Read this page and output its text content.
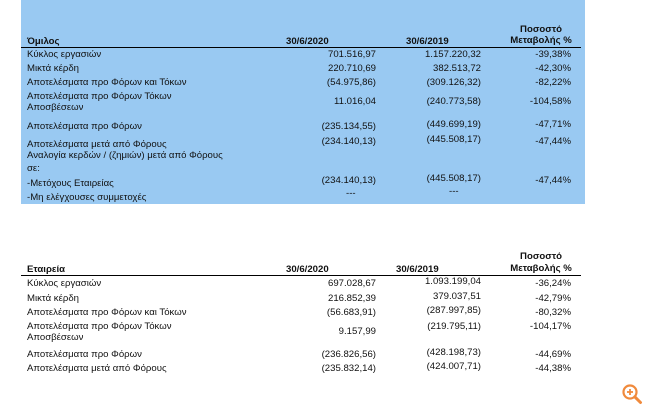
Ποσοστό
Μεταβολής %
Όμιλος	30/6/2020	30/6/2019
Κύκλος εργασιών	701.516,97	1.157.220,32	-39,38%
Μικτά κέρδη	220.710,69	382.513,72	-42,30%
Αποτελέσματα προ Φόρων και Τόκων	(54.975,86)	(309.126,32)	-82,22%
Αποτελέσματα προ Φόρων Τόκων
Αποσβέσεων
11.016,04	(240.773,58)	-104,58%
Αποτελέσματα προ Φόρων	(235.134,55)	(449.699,19)	-47,71%
Αποτελέσματα μετά από Φόρους	(234.140,13)	(445.508,17)	-47,44%
Αναλογία κερδών / (ζημιών) μετά από Φόρους
σε:
-Μετόχους Εταιρείας	(234.140,13)	(445.508,17)	-47,44%
-Μη ελέγχουσες συμμετοχές	---	---
Ποσοστό
Μεταβολής %
Εταιρεία	30/6/2020	30/6/2019
Κύκλος εργασιών	697.028,67	1.093.199,04	-36,24%
Μικτά κέρδη	216.852,39	379.037,51	-42,79%
Αποτελέσματα προ Φόρων και Τόκων	(56.683,91)	(287.997,85)	-80,32%
Αποτελέσματα προ Φόρων Τόκων
Αποσβέσεων
9.157,99	(219.795,11)	-104,17%
Αποτελέσματα προ Φόρων	(236.826,56)	(428.198,73)	-44,69%
Αποτελέσματα μετά από Φόρους	(235.832,14)	(424.007,71)	-44,38%
